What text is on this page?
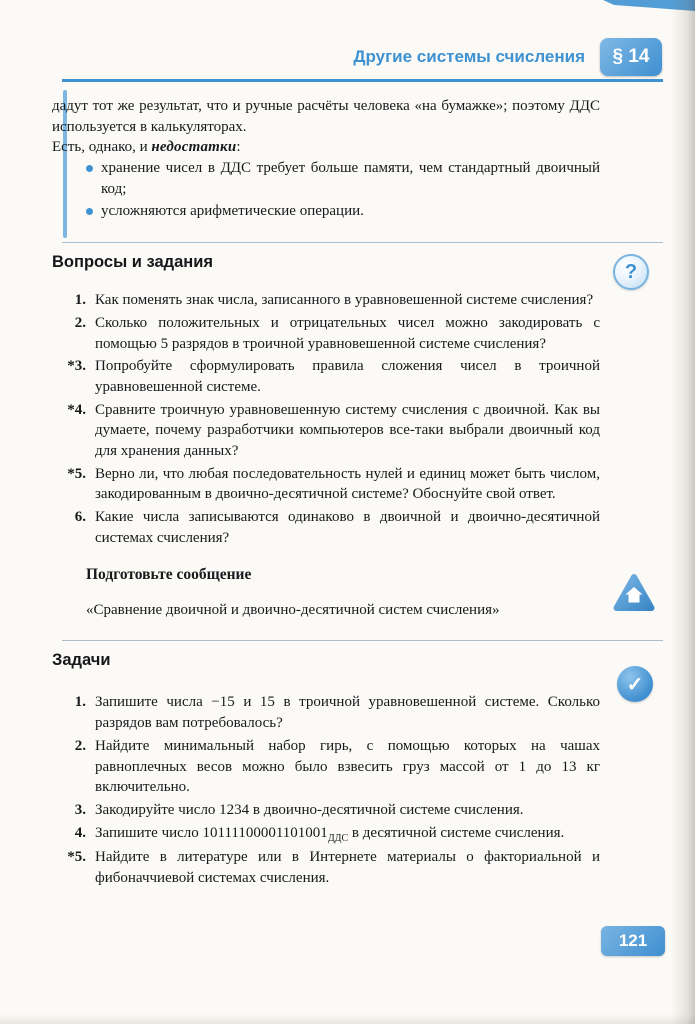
Другие системы счисления	§ 14

дадут тот же результат, что и ручные расчёты человека «на бумажке»; поэтому ДДС используется в калькуляторах.

Есть, однако, и недостатки:

хранение чисел в ДДС требует больше памяти, чем стандартный двоичный код;
усложняются арифметические операции.
Вопросы и задания
1. Как поменять знак числа, записанного в уравновешенной системе счисления?
2. Сколько положительных и отрицательных чисел можно закодировать с помощью 5 разрядов в троичной уравновешенной системе счисления?
*3. Попробуйте сформулировать правила сложения чисел в троичной уравновешенной системе.
*4. Сравните троичную уравновешенную систему счисления с двоичной. Как вы думаете, почему разработчики компьютеров все-таки выбрали двоичный код для хранения данных?
*5. Верно ли, что любая последовательность нулей и единиц может быть числом, закодированным в двоично-десятичной системе? Обоснуйте свой ответ.
6. Какие числа записываются одинаково в двоичной и двоично-десятичной системах счисления?

Подготовьте сообщение

«Сравнение двоичной и двоично-десятичной систем счисления»

Задачи
1. Запишите числа −15 и 15 в троичной уравновешенной системе. Сколько разрядов вам потребовалось?
2. Найдите минимальный набор гирь, с помощью которых на чашах равноплечных весов можно было взвесить груз массой от 1 до 13 кг включительно.
3. Закодируйте число 1234 в двоично-десятичной системе счисления.
4. Запишите число $10111100001101001_{ДДС}$ в десятичной системе счисления.
*5. Найдите в литературе или в Интернете материалы о факториальной и фибоначчиевой системах счисления.
?
✓
121
